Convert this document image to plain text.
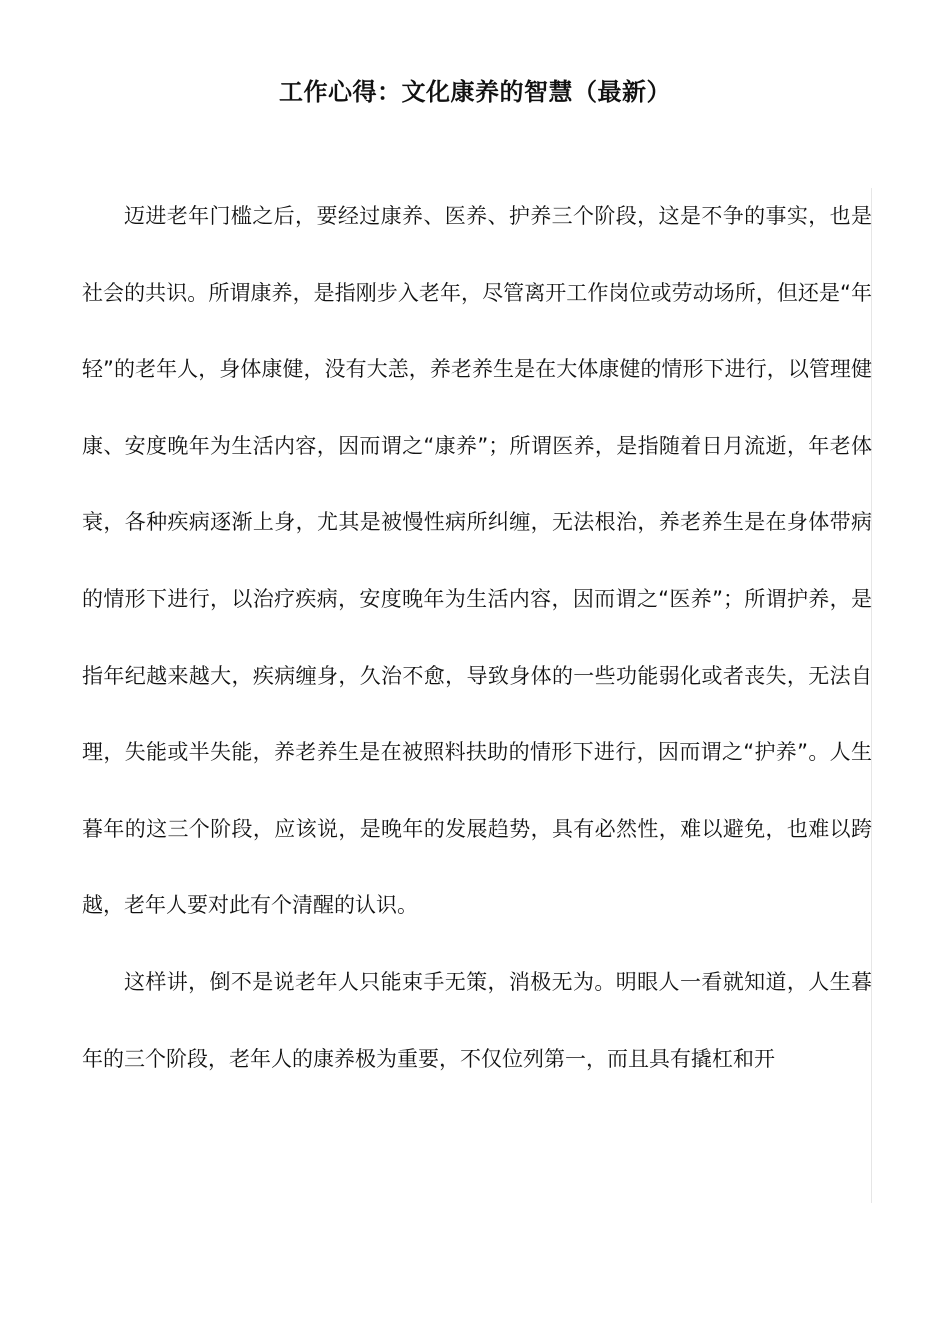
工作心得：文化康养的智慧（最新）

迈进老年门槛之后，要经过康养、医养、护养三个阶段，这是不争的事实，也是社会的共识。所谓康养，是指刚步入老年，尽管离开工作岗位或劳动场所，但还是“年轻”的老年人，身体康健，没有大恙，养老养生是在大体康健的情形下进行，以管理健康、安度晚年为生活内容，因而谓之“康养”；所谓医养，是指随着日月流逝，年老体衰，各种疾病逐渐上身，尤其是被慢性病所纠缠，无法根治，养老养生是在身体带病的情形下进行，以治疗疾病，安度晚年为生活内容，因而谓之“医养”；所谓护养，是指年纪越来越大，疾病缠身，久治不愈，导致身体的一些功能弱化或者丧失，无法自理，失能或半失能，养老养生是在被照料扶助的情形下进行，因而谓之“护养”。人生暮年的这三个阶段，应该说，是晚年的发展趋势，具有必然性，难以避免，也难以跨越，老年人要对此有个清醒的认识。

这样讲，倒不是说老年人只能束手无策，消极无为。明眼人一看就知道，人生暮年的三个阶段，老年人的康养极为重要，不仅位列第一，而且具有撬杠和开
